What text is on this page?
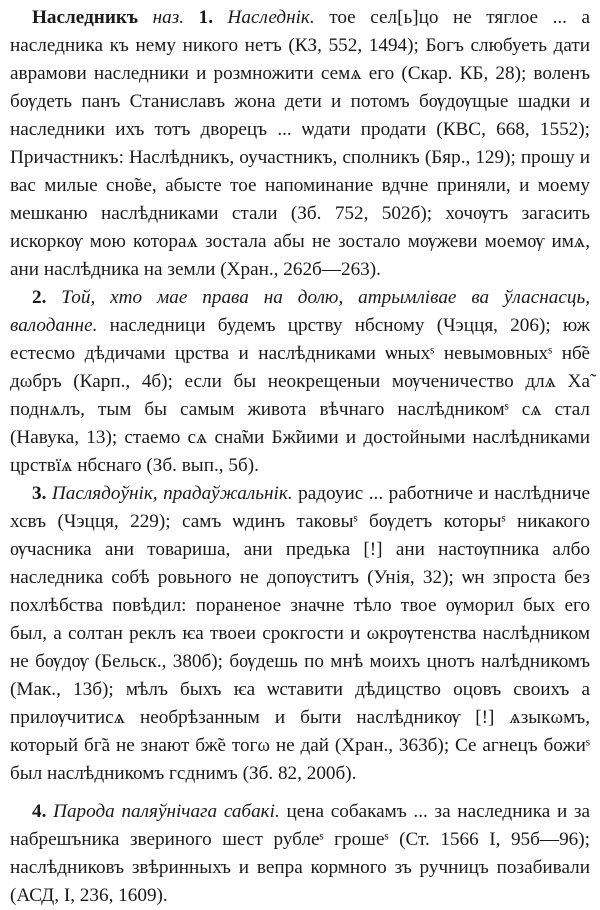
Наследникъ наз. 1. Наследнік. тое сел[ь]цо не тяглое ... а наследника къ нему никого нетъ (КЗ, 552, 1494); Богъ слюбуеть дати аврамови наследники и розмножити семѧ его (Скар. КБ, 28); воленъ бѹдеть панъ Станиславъ жона дети и потомъ бѹдѹщые шадки и наследники ихъ тотъ дворецъ ... ѡдати продати (КВС, 668, 1552); Причастникъ: Наслѣдникъ, оучастникъ, сполникъ (Бяр., 129); прошу и вас милые сно̃ве, абысте тое напоминание вдчне приняли, и моему мешканю наслѣдниками стали (Зб. 752, 502б); хочѹтъ загасить искоркѹ мою котораѧ зостала абы не зостало мѹжеви моемѹ имѧ, ани наслѣдника на земли (Хран., 262б—263).

2. Той, хто мае права на долю, атрымлівае ва ўласнасць, валоданне. наследници будемъ црству нбсному (Чэцця, 206); юж естесмо дѣдичами црства и наслѣдниками ѡныхˢ невымовныхˢ нб̃е дωбръ (Карп., 4б); если бы неокрещеныи мѹченичество длѧ Ха̃ поднѧлъ, тым бы самым живота вѣчнаго наслѣдникомˢ сѧ стал (Навука, 13); стаемо сѧ сна̃ми Бж̃иими и достойными наслѣдниками црствїѧ нбснаго (Зб. вып., 5б).

3. Паслядоўнік, прадаўжальнік. радоуис ... работниче и наслѣдниче хсвъ (Чэцця, 229); самъ ѡдинъ таковыˢ бѹдетъ которыˢ никакого ѹчасника ани товариша, ани предька [!] ани настѹпника албо наследника собѣ ровьного не допѹститъ (Унія, 32); ѡн зпроста без похлѣбства повѣдил: пораненое значне тѣло твое ѹморил бых его был, а солтан реклъ ѥа твоеи срокгости и ωкрѹтенства наслѣдником не бѹдѹ (Бельск., 380б); бѹдешь по мнѣ моихъ цнотъ налѣдникомъ (Мак., 13б); мѣлъ быхъ ѥа ѡставити дѣдицство оцовъ своихъ а прилѹчитисѧ необрѣзанным и быти наслѣдникѹ [!] ѧзыкωмъ, который бг̃а не знают бж̃е тогω не дай (Хран., 363б); Се агнецъ божиˢ был наслѣдникомъ гсднимъ (Зб. 82, 200б).

4. Парода паляўнічага сабакі. цена собакамъ ... за наследника и за набрешъника звериного шест рублеˢ грошеˢ (Ст. 1566 I, 95б—96); наслѣдниковъ звѣринныхъ и вепра кормного зъ ручницъ позабивали (АСД, I, 236, 1609).
